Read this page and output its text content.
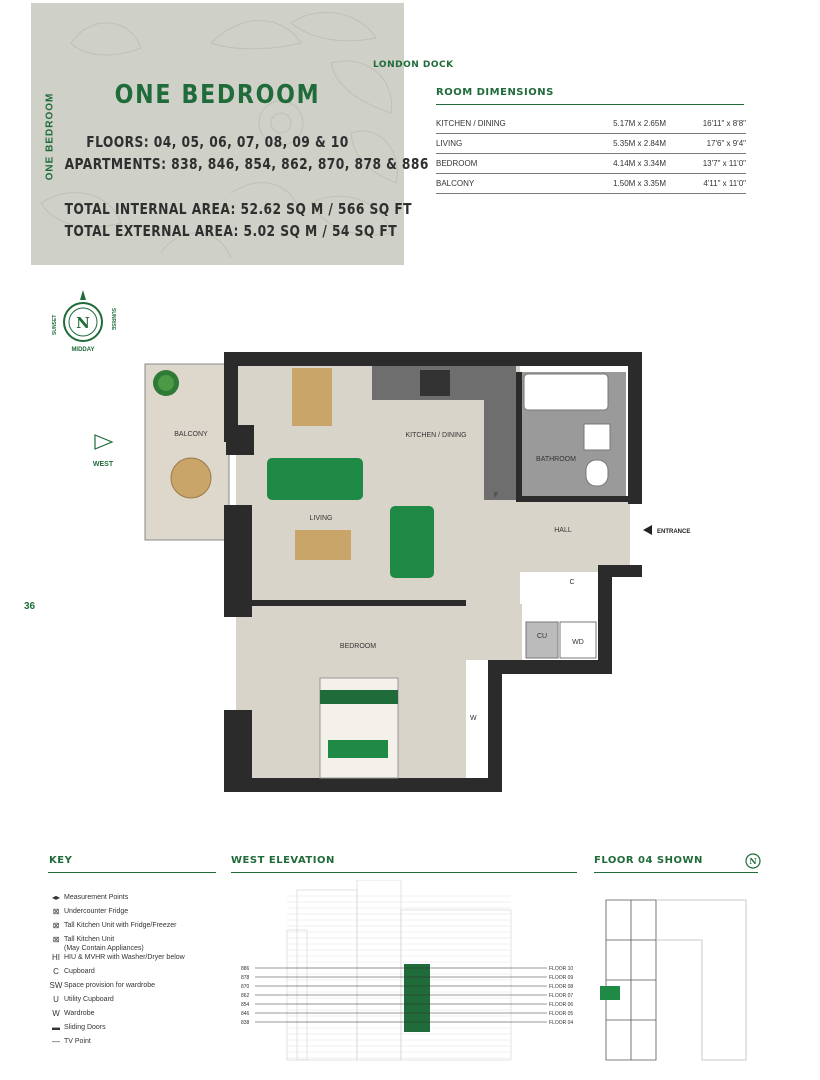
ONE BEDROOM	ONE BEDROOM
FLOORS: 04, 05, 06, 07, 08, 09 & 10
APARTMENTS: 838, 846, 854, 862, 870, 878 & 886
TOTAL INTERNAL AREA: 52.62 SQ M / 566 SQ FT
TOTAL EXTERNAL AREA: 5.02 SQ M / 54 SQ FT
LONDON DOCK
ROOM DIMENSIONS
KITCHEN / DINING	5.17M x 2.65M	16'11" x 8'8"
LIVING	5.35M x 2.84M	17'6" x 9'4"
BEDROOM	4.14M x 3.34M	13'7" x 11'0"
BALCONY	1.50M x 3.35M	4'11" x 11'0"
36
N
SUNSET	SUNRISE
MIDDAY
WEST
BALCONY
F
KITCHEN / DINING
LIVING
BATHROOM
HALL	ENTRANCE
C
CU
WD
BEDROOM
W
KEY
◂▸ Measurement Points
⊠ Undercounter Fridge
⊠ Tall Kitchen Unit with Fridge/Freezer
⊠ Tall Kitchen Unit
(May Contain Appliances)
HI HIU & MVHR with Washer/Dryer below
C Cupboard
SW Space provision for wardrobe
U Utility Cupboard
W Wardrobe
▬ Sliding Doors
— TV Point
WEST ELEVATION
886
878
870
862
854
846
838
FLOOR 10
FLOOR 09
FLOOR 08
FLOOR 07
FLOOR 06
FLOOR 05
FLOOR 04
FLOOR 04 SHOWN	N
